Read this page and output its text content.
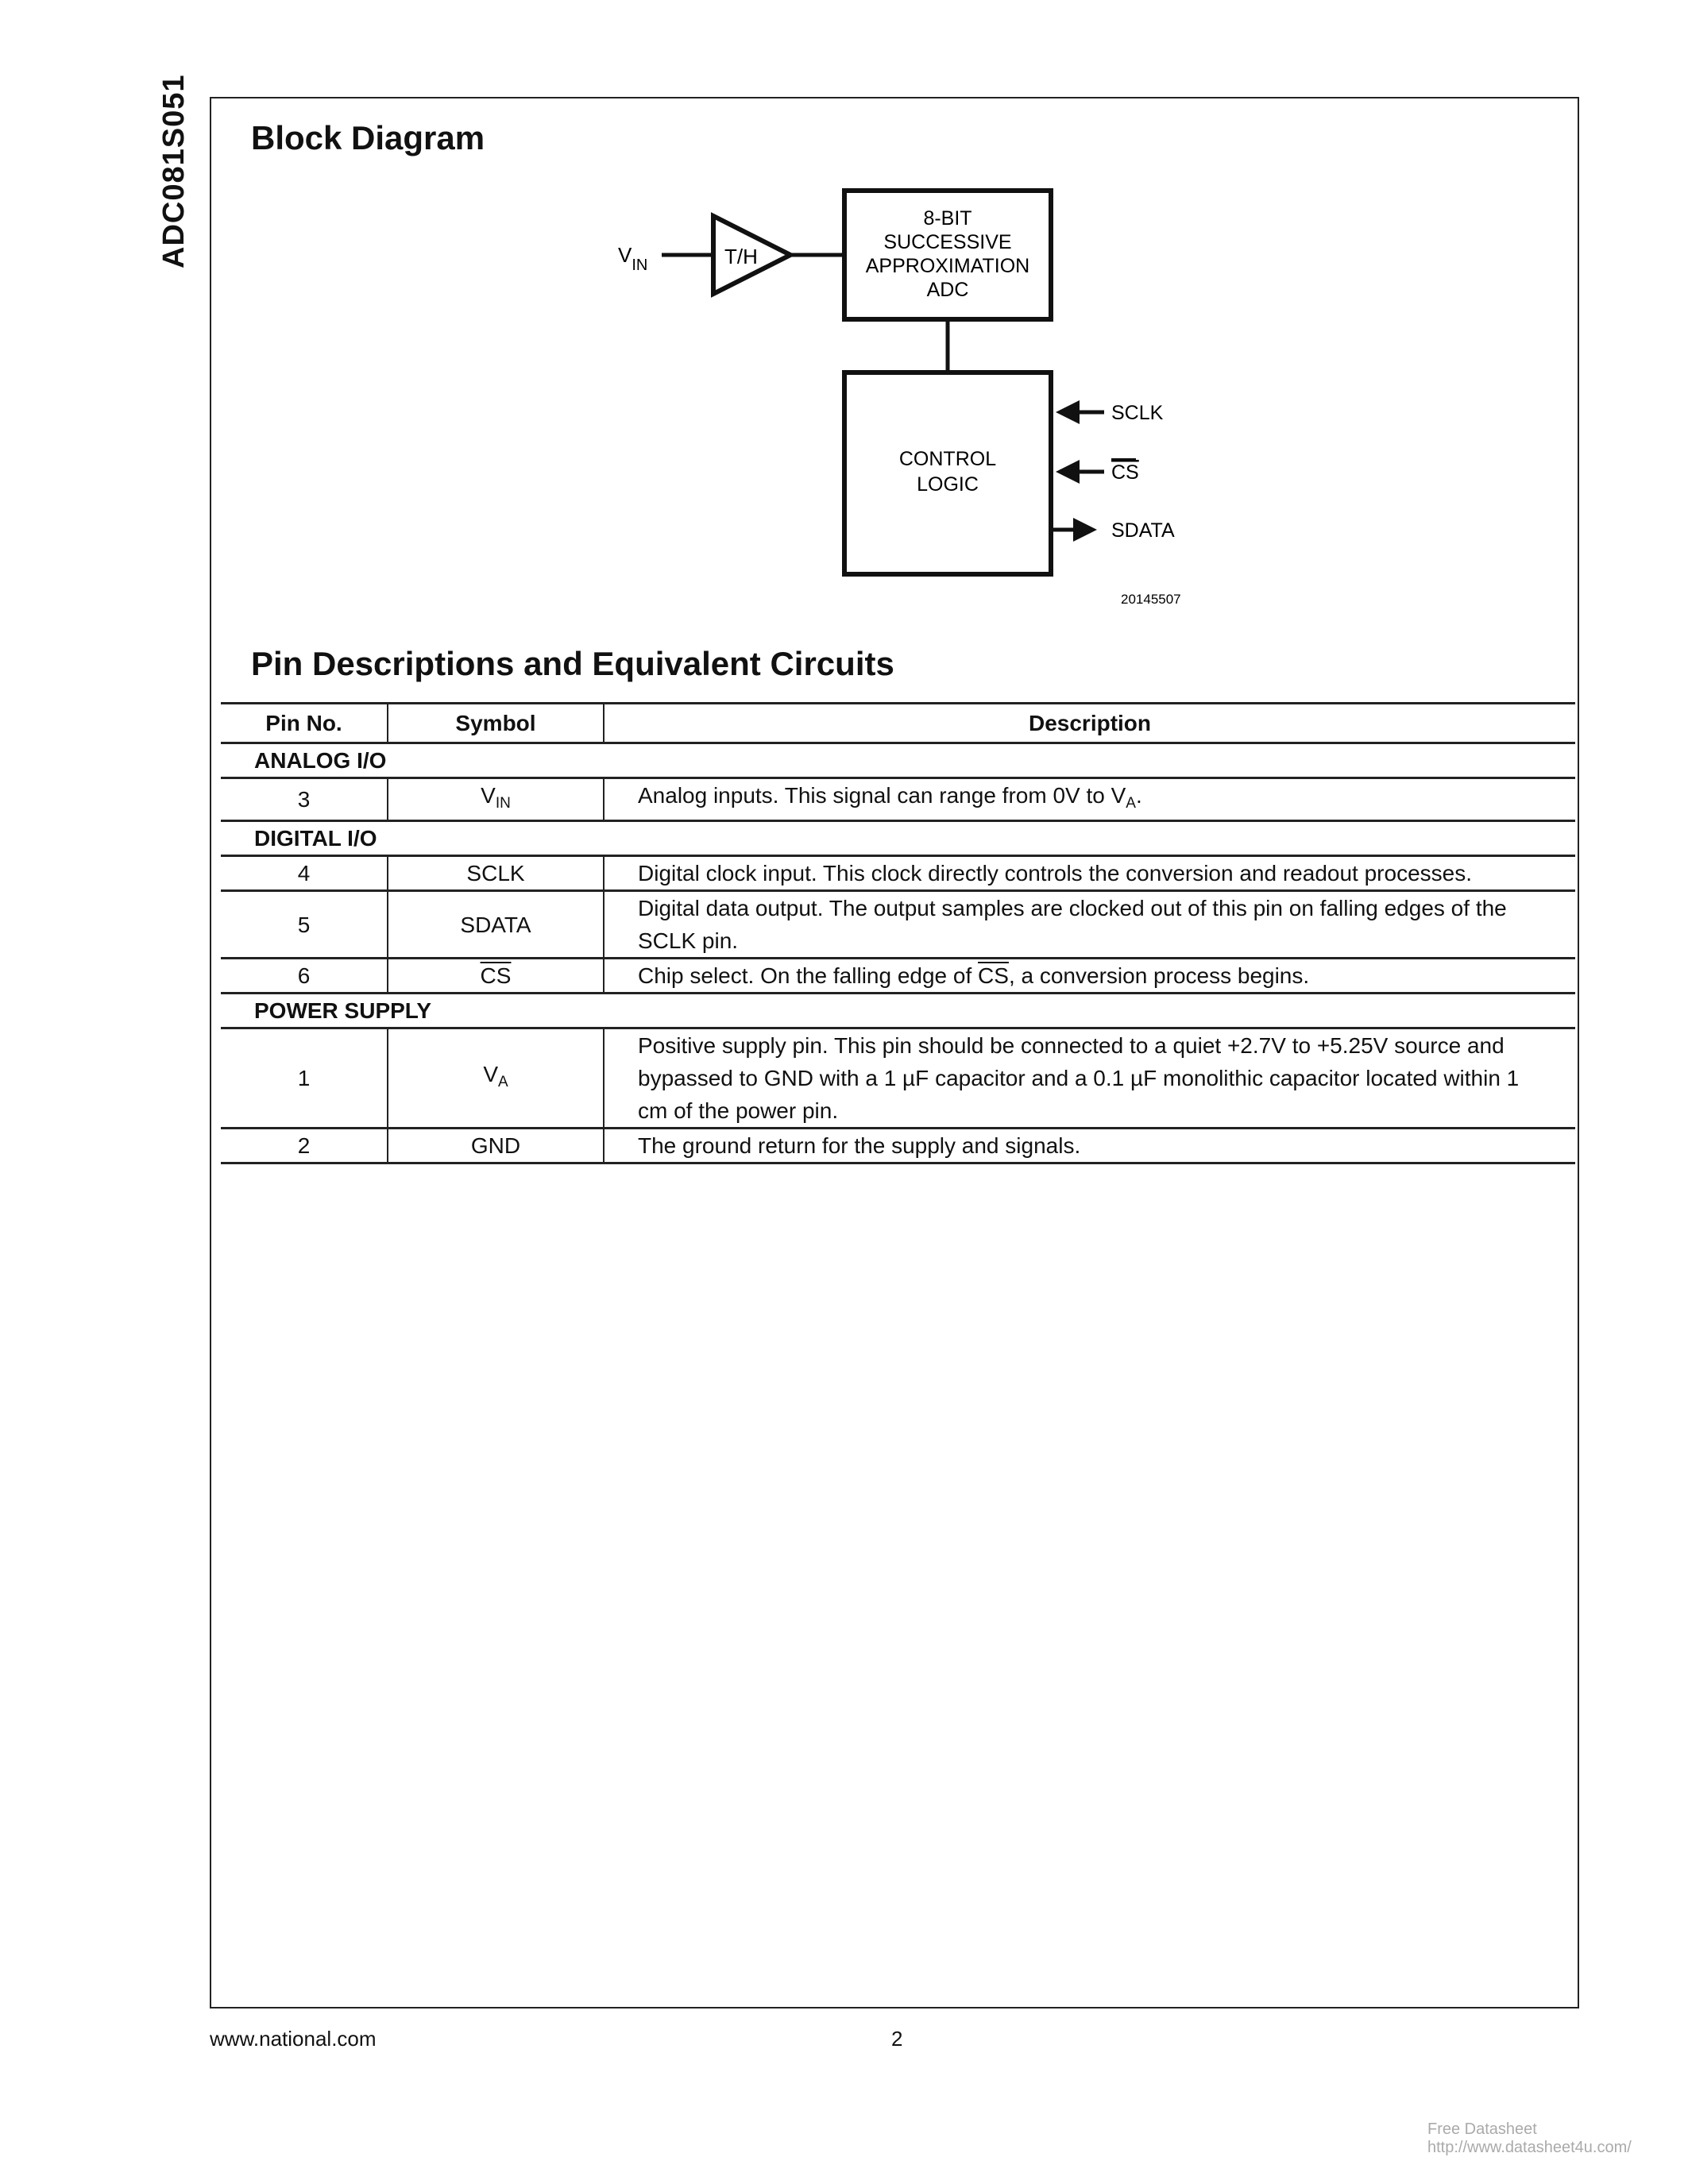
ADC081S051 Block Diagram
$V_{IN}$	T/H
8-BIT
SUCCESSIVE
APPROXIMATION
ADC
CONTROL
LOGIC
SCLK
CS
SDATA
20145507
Pin Descriptions and Equivalent Circuits
Pin No.	Symbol	Description
ANALOG I/O		
3	$V_{IN}$	Analog inputs. This signal can range from 0V to $V_A$.
DIGITAL I/O		
4	SCLK	Digital clock input. This clock directly controls the conversion and readout processes.
5	SDATA	Digital data output. The output samples are clocked out of this pin on falling edges of the SCLK pin.
6	$\overline{CS}$	Chip select. On the falling edge of $\overline{CS}$, a conversion process begins.
POWER SUPPLY		
1	$V_A$	Positive supply pin. This pin should be connected to a quiet +2.7V to +5.25V source and bypassed to GND with a 1 µF capacitor and a 0.1 µF monolithic capacitor located within 1 cm of the power pin.
2	GND	The ground return for the supply and signals.
www.national.com	2
Free Datasheet http://www.datasheet4u.com/
